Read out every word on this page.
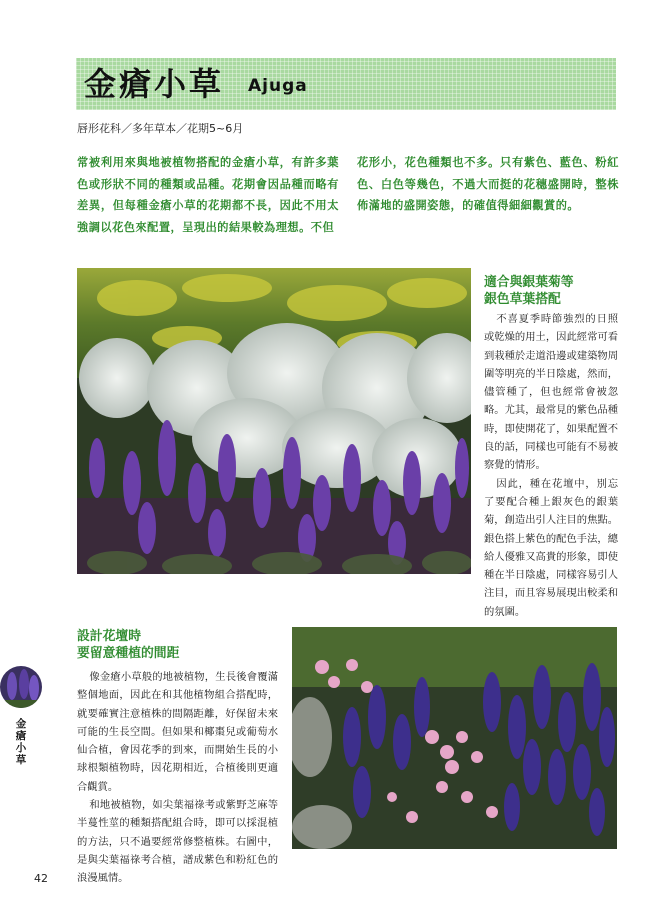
金瘡小草 Ajuga
唇形花科／多年草本／花期5~6月
常被利用來與地被植物搭配的金瘡小草，有許多葉色或形狀不同的種類或品種。花期會因品種而略有差異，但每種金瘡小草的花期都不長，因此不用太強調以花色來配置，呈現出的結果較為理想。不但
花形小，花色種類也不多。只有紫色、藍色、粉紅色、白色等幾色，不過大而挺的花穗盛開時，整株佈滿地的盛開姿態，的確值得細細觀賞的。
適合與銀葉菊等
銀色草葉搭配

不喜夏季時節強烈的日照或乾燥的用土，因此經常可看到栽種於走道沿邊或建築物周圍等明亮的半日陰處，然而，儘管種了，但也經常會被忽略。尤其，最常見的紫色品種時，即使開花了，如果配置不良的話，同樣也可能有不易被察覺的情形。

因此，種在花壇中，別忘了要配合種上銀灰色的銀葉菊，創造出引人注目的焦點。銀色搭上紫色的配色手法，總給人優雅又高貴的形象，即使種在半日陰處，同樣容易引人注目，而且容易展現出較柔和的氛圍。

設計花壇時
要留意種植的間距

像金瘡小草般的地被植物，生長後會覆滿整個地面，因此在和其他植物組合搭配時，就要確實注意植株的間隔距離，好保留未來可能的生長空間。但如果和椰棗兒或葡萄水仙合植，會因花季的到來，而開始生長的小球根類植物時，因花期相近，合植後則更適合觀賞。

和地被植物，如尖葉福祿考或紫野芝麻等半蔓性莖的種類搭配組合時，即可以採混植的方法，只不過要經常修整植株。右圖中，是與尖葉福祿考合植，譜成紫色和粉紅色的浪漫風情。

金瘡小草
42
